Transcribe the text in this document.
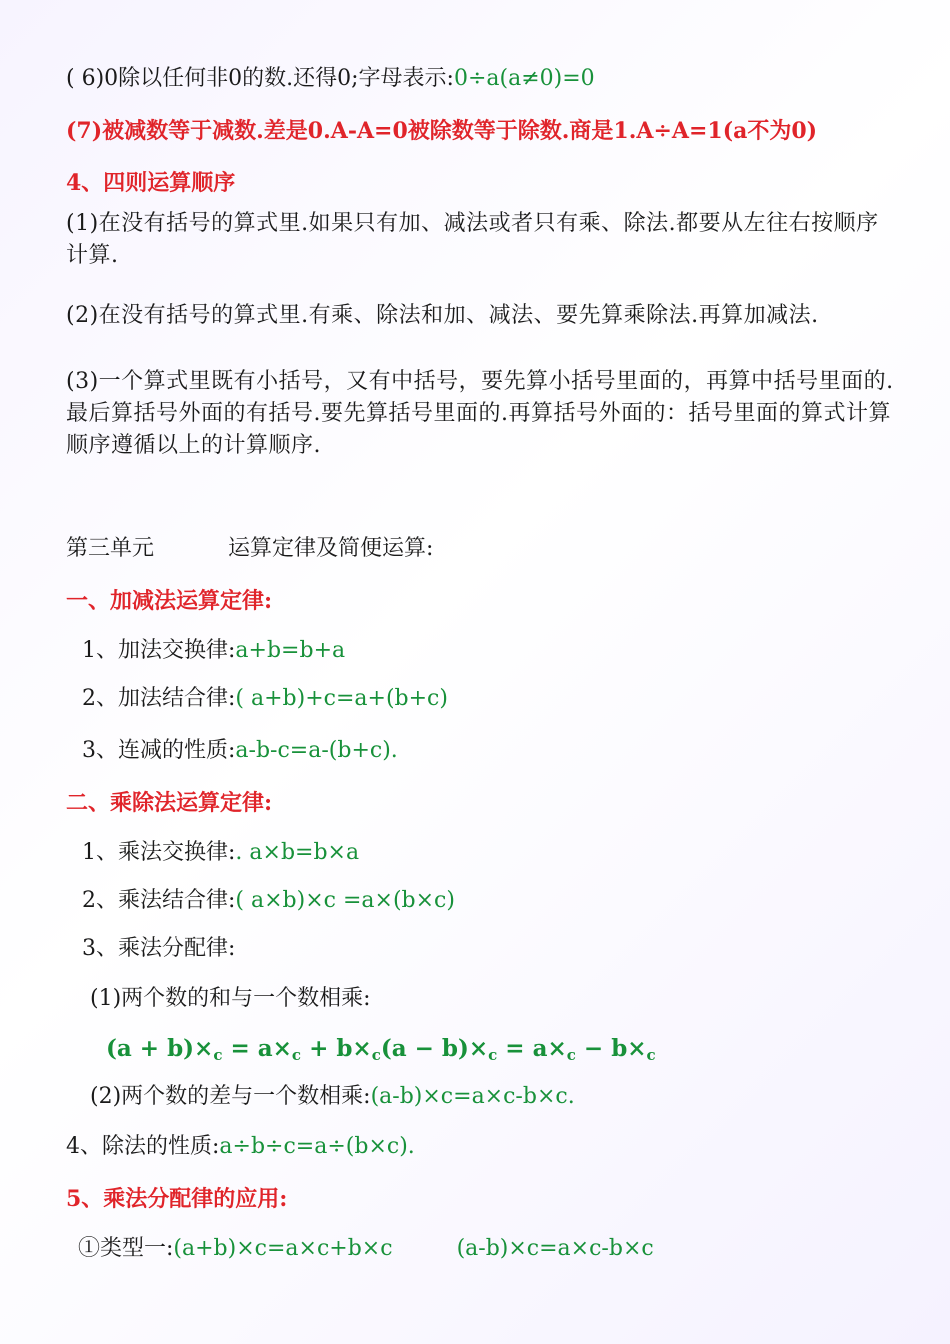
( 6)0除以任何非0的数.还得0;字母表示:0÷a(a≠0)=0
(7)被减数等于减数.差是0.A-A=0被除数等于除数.商是1.A÷A=1(a不为0)
4、四则运算顺序
(1)在没有括号的算式里.如果只有加、减法或者只有乘、除法.都要从左往右按顺序计算.
(2)在没有括号的算式里.有乘、除法和加、减法、要先算乘除法.再算加减法.
(3)一个算式里既有小括号，又有中括号，要先算小括号里面的，再算中括号里面的.最后算括号外面的有括号.要先算括号里面的.再算括号外面的：括号里面的算式计算顺序遵循以上的计算顺序.
第三单元	运算定律及简便运算:
一、加减法运算定律:
1、加法交换律:a+b=b+a
2、加法结合律:( a+b)+c=a+(b+c)
3、连减的性质:a-b-c=a-(b+c).
二、乘除法运算定律:
1、乘法交换律:. a×b=b×a
2、乘法结合律:( a×b)×c =a×(b×c)
3、乘法分配律:
(1)两个数的和与一个数相乘:
$(a + b)\times_c = a\times_c + b\times_c(a - b)\times_c = a\times_c - b\times_c$
(2)两个数的差与一个数相乘:(a-b)×c=a×c-b×c.
4、除法的性质:a÷b÷c=a÷(b×c).
5、乘法分配律的应用:
①类型一:(a+b)×c=a×c+b×c	(a-b)×c=a×c-b×c
